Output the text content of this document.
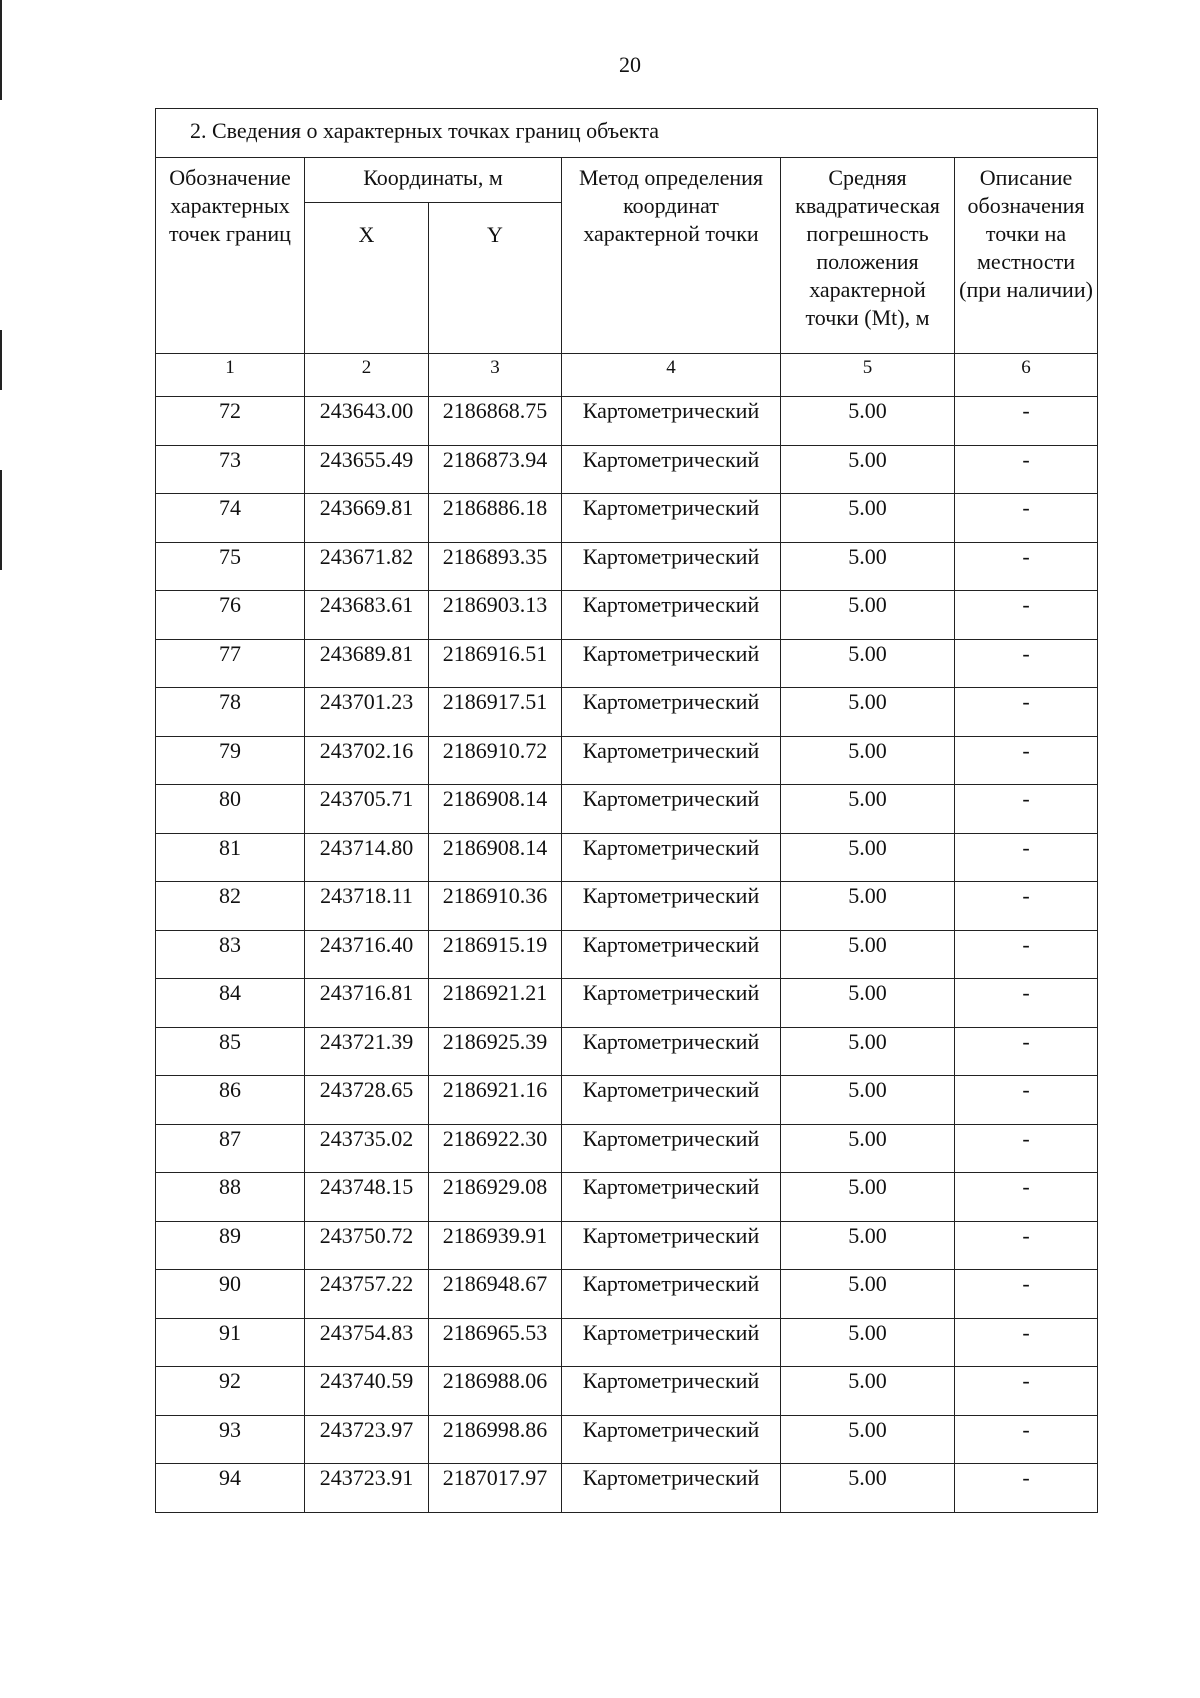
20
2. Сведения о характерных точках границ объекта					
Обозначение характерных точек границ	Координаты, м		Метод определения координат характерной точки	Средняя квадратическая погрешность положения характерной точки (Mt), м	Описание обозначения точки на местности (при наличии)
	X	Y			
1	2	3	4	5	6
72	243643.00	2186868.75	Картометрический	5.00	-
73	243655.49	2186873.94	Картометрический	5.00	-
74	243669.81	2186886.18	Картометрический	5.00	-
75	243671.82	2186893.35	Картометрический	5.00	-
76	243683.61	2186903.13	Картометрический	5.00	-
77	243689.81	2186916.51	Картометрический	5.00	-
78	243701.23	2186917.51	Картометрический	5.00	-
79	243702.16	2186910.72	Картометрический	5.00	-
80	243705.71	2186908.14	Картометрический	5.00	-
81	243714.80	2186908.14	Картометрический	5.00	-
82	243718.11	2186910.36	Картометрический	5.00	-
83	243716.40	2186915.19	Картометрический	5.00	-
84	243716.81	2186921.21	Картометрический	5.00	-
85	243721.39	2186925.39	Картометрический	5.00	-
86	243728.65	2186921.16	Картометрический	5.00	-
87	243735.02	2186922.30	Картометрический	5.00	-
88	243748.15	2186929.08	Картометрический	5.00	-
89	243750.72	2186939.91	Картометрический	5.00	-
90	243757.22	2186948.67	Картометрический	5.00	-
91	243754.83	2186965.53	Картометрический	5.00	-
92	243740.59	2186988.06	Картометрический	5.00	-
93	243723.97	2186998.86	Картометрический	5.00	-
94	243723.91	2187017.97	Картометрический	5.00	-
